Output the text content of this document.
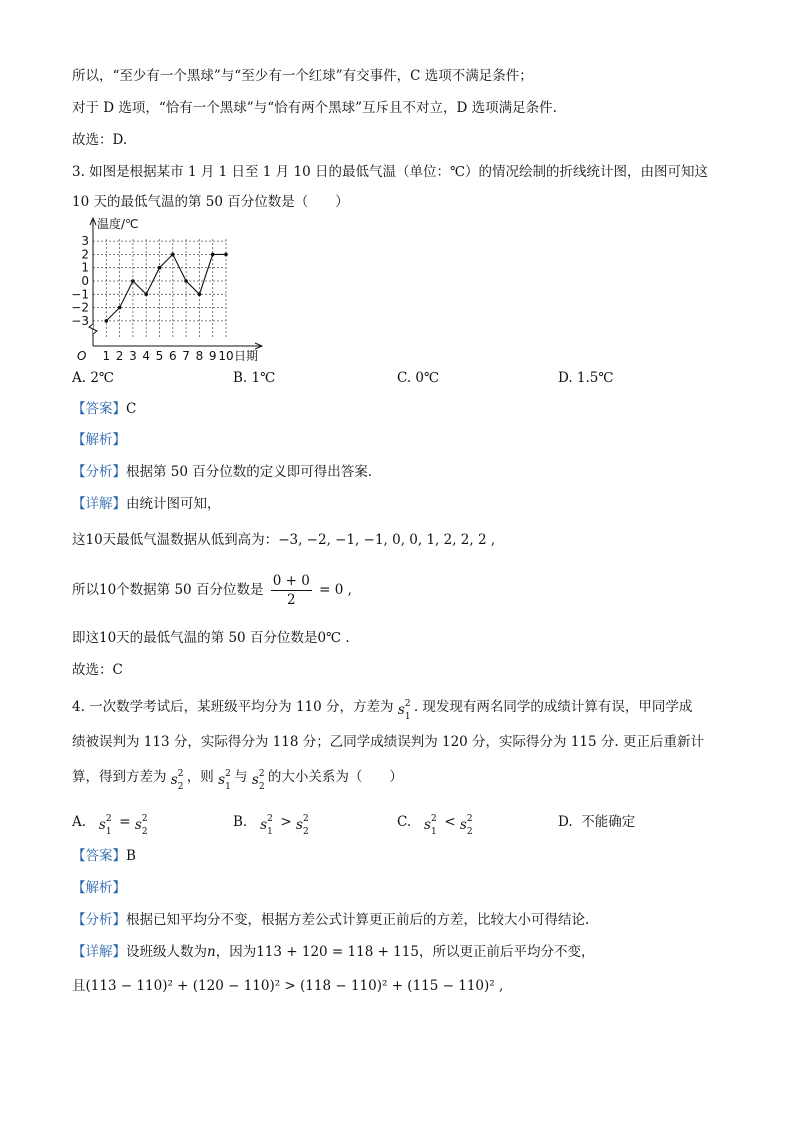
所以，“至少有一个黑球”与“至少有一个红球”有交事件，C 选项不满足条件；
对于 D 选项，“恰有一个黑球”与“恰有两个黑球”互斥且不对立，D 选项满足条件.
故选：D.
3. 如图是根据某市 1 月 1 日至 1 月 10 日的最低气温（单位：℃）的情况绘制的折线统计图，由图可知这
10 天的最低气温的第 50 百分位数是（　　）
3
2
1
0
−1
−2
−3
1 2 3 4 5 6 7 8 9 10
温度/℃
日期
O
A. 2℃	B. 1℃	C. 0℃	D. 1.5℃
【答案】C
【解析】
【分析】根据第 50 百分位数的定义即可得出答案.
【详解】由统计图可知，
这10天最低气温数据从低到高为：−3, −2, −1, −1, 0, 0, 1, 2, 2, 2 ,
所以10个数据第 50 百分位数是 $\frac{0 + 0}{2} = 0$ ,
即这10天的最低气温的第 50 百分位数是0℃ .
故选：C
4. 一次数学考试后，某班级平均分为 110 分，方差为 s 2
1
. 现发现有两名同学的成绩计算有误，甲同学成
绩被误判为 113 分，实际得分为 118 分；乙同学成绩误判为 120 分，实际得分为 115 分. 更正后重新计
算，得到方差为 s 2
2
，则 s 2
1
与 s 2
2
的大小关系为（　　）
A. s 2
1
= s 2
2
B. s 2
1
> s 2
2
C. s 2
1
< s 2
2
D. 不能确定
【答案】B
【解析】
【分析】根据已知平均分不变，根据方差公式计算更正前后的方差，比较大小可得结论.
【详解】设班级人数为n，因为113 + 120 = 118 + 115，所以更正前后平均分不变，
且(113 − 110)² + (120 − 110)² > (118 − 110)² + (115 − 110)² ,
